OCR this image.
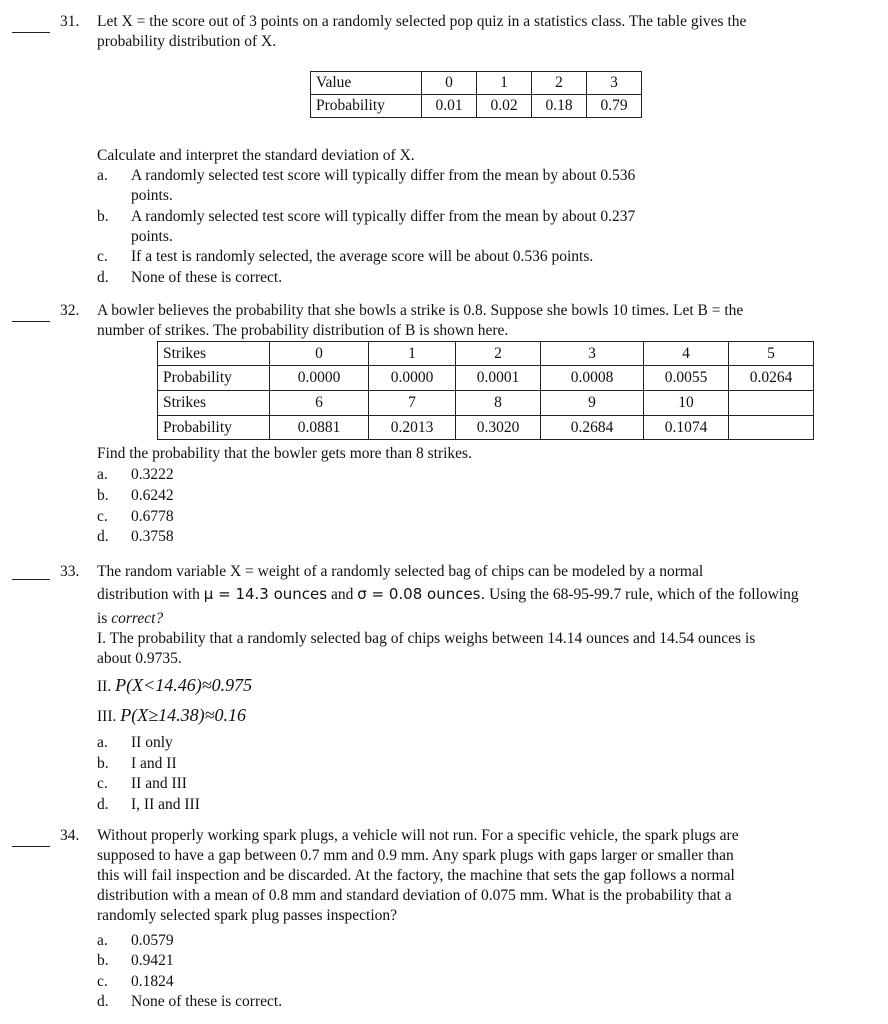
31. Let X = the score out of 3 points on a randomly selected pop quiz in a statistics class. The table gives the
probability distribution of X.
Value	0	1	2	3
Probability	0.01	0.02	0.18	0.79
Calculate and interpret the standard deviation of X.
a. A randomly selected test score will typically differ from the mean by about 0.536
points.
b. A randomly selected test score will typically differ from the mean by about 0.237
points.
c. If a test is randomly selected, the average score will be about 0.536 points.
d. None of these is correct.
32. A bowler believes the probability that she bowls a strike is 0.8. Suppose she bowls 10 times. Let B = the
number of strikes. The probability distribution of B is shown here.
Strikes	0	1	2	3	4	5
Probability	0.0000	0.0000	0.0001	0.0008	0.0055	0.0264
Strikes	6	7	8	9	10	
Probability	0.0881	0.2013	0.3020	0.2684	0.1074	
Find the probability that the bowler gets more than 8 strikes.
a. 0.3222
b. 0.6242
c. 0.6778
d. 0.3758
33. The random variable X = weight of a randomly selected bag of chips can be modeled by a normal
distribution with μ = 14.3 ounces and σ = 0.08 ounces. Using the 68-95-99.7 rule, which of the following
is correct?
I. The probability that a randomly selected bag of chips weighs between 14.14 ounces and 14.54 ounces is
about 0.9735.
II. P(X<14.46)≈0.975
III. P(X≥14.38)≈0.16
a. II only
b. I and II
c. II and III
d. I, II and III
34. Without properly working spark plugs, a vehicle will not run. For a specific vehicle, the spark plugs are
supposed to have a gap between 0.7 mm and 0.9 mm. Any spark plugs with gaps larger or smaller than
this will fail inspection and be discarded. At the factory, the machine that sets the gap follows a normal
distribution with a mean of 0.8 mm and standard deviation of 0.075 mm. What is the probability that a
randomly selected spark plug passes inspection?
a. 0.0579
b. 0.9421
c. 0.1824
d. None of these is correct.
